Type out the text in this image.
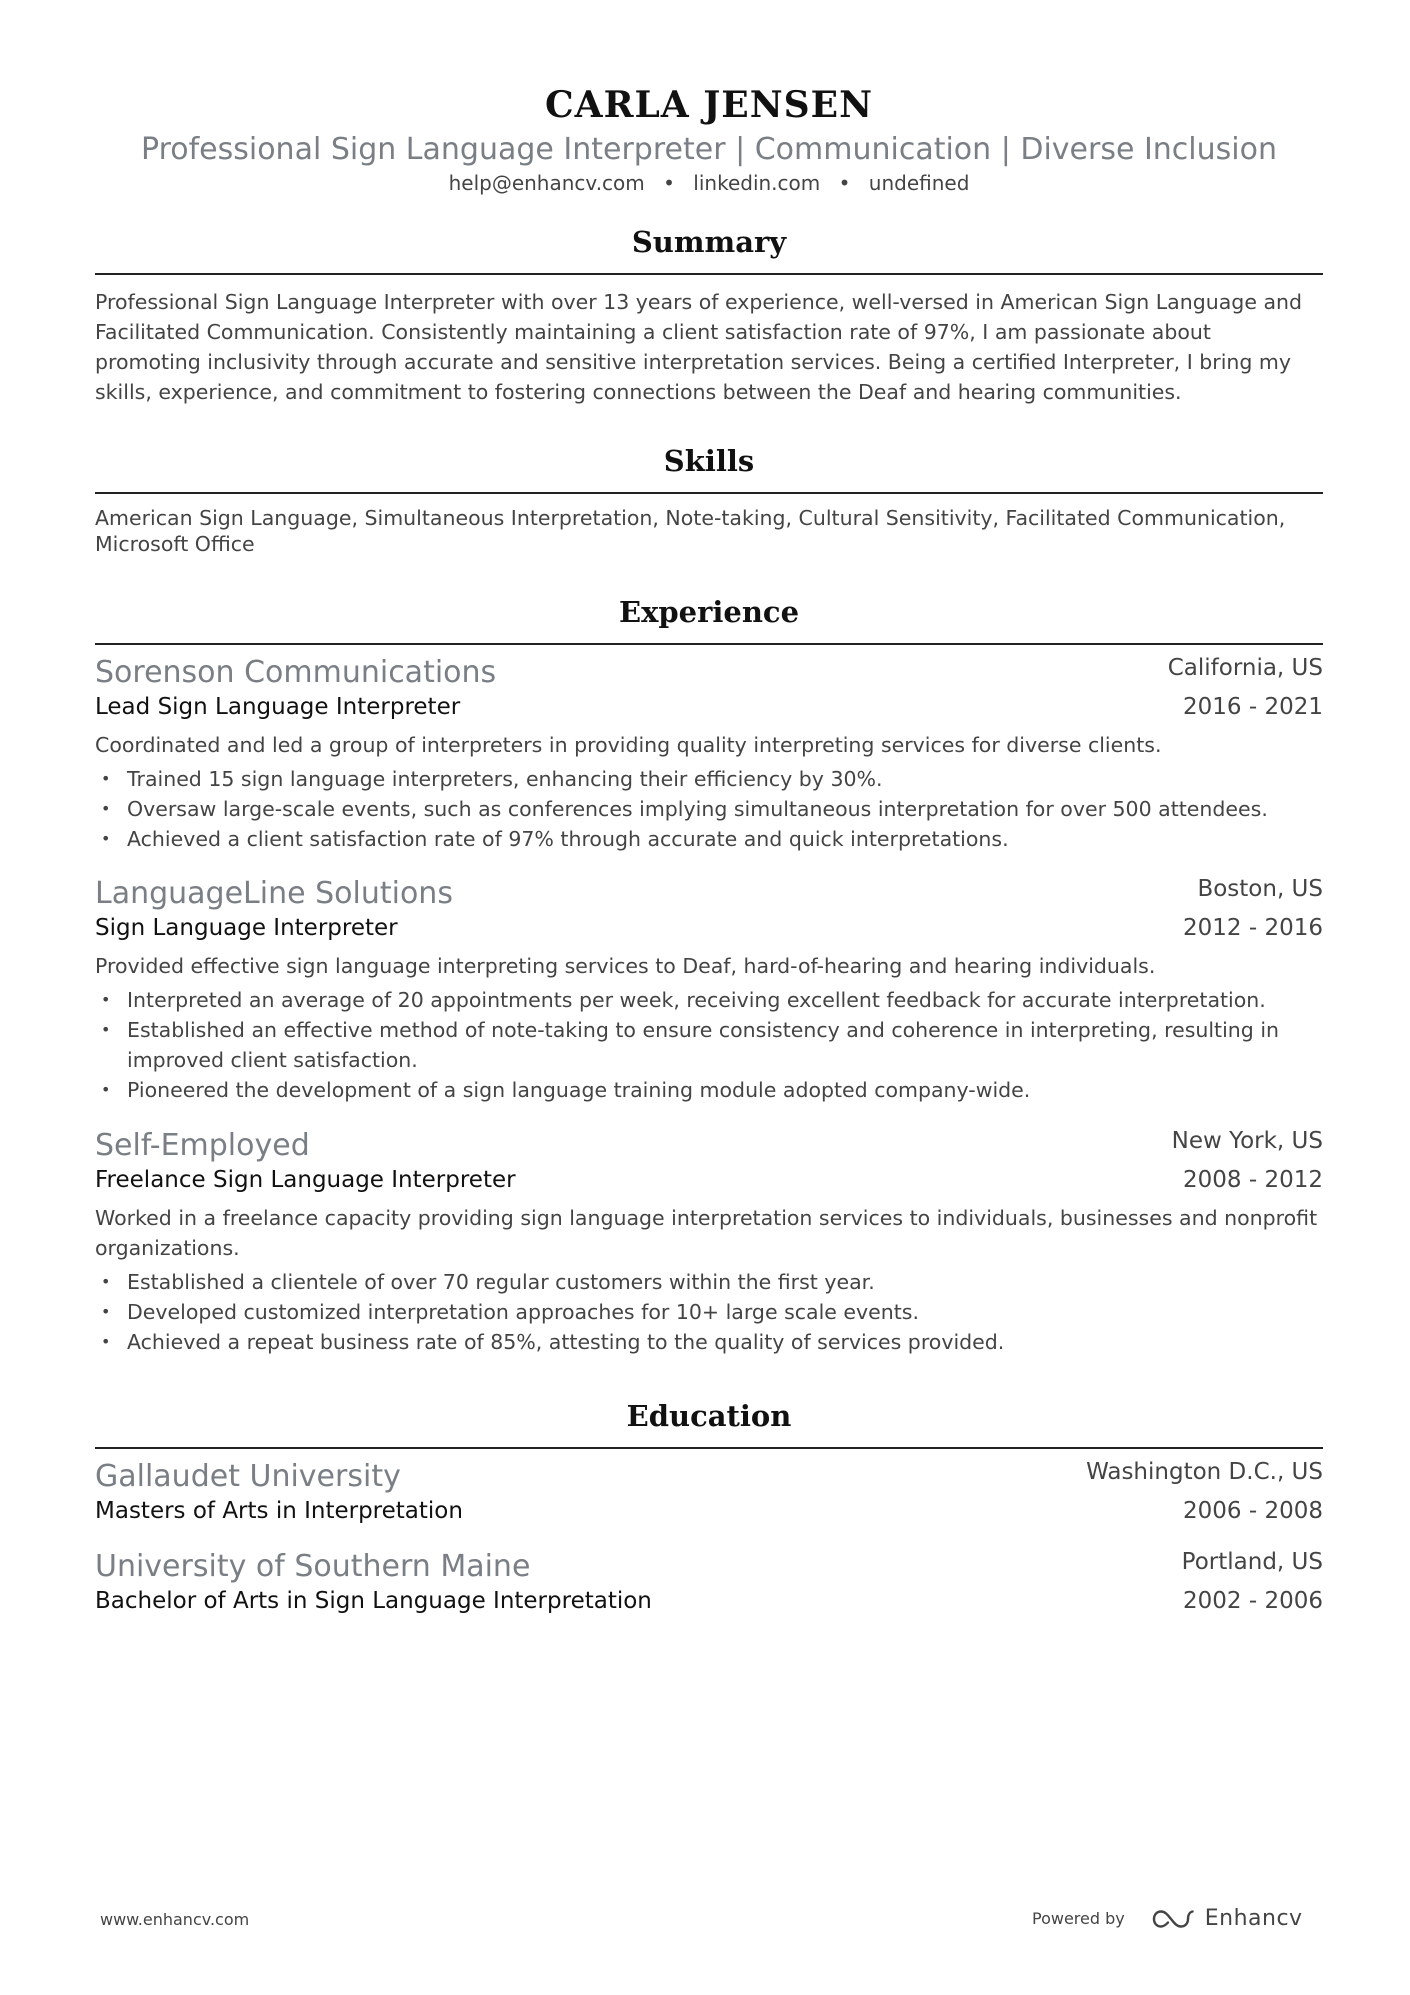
CARLA JENSEN
Professional Sign Language Interpreter | Communication | Diverse Inclusion
help@enhancv.com • linkedin.com • undefined
Summary
Professional Sign Language Interpreter with over 13 years of experience, well-versed in American Sign Language and Facilitated Communication. Consistently maintaining a client satisfaction rate of 97%, I am passionate about promoting inclusivity through accurate and sensitive interpretation services. Being a certified Interpreter, I bring my skills, experience, and commitment to fostering connections between the Deaf and hearing communities.
Skills
American Sign Language, Simultaneous Interpretation, Note-taking, Cultural Sensitivity, Facilitated Communication, Microsoft Office
Experience
Sorenson Communications	California, US
Lead Sign Language Interpreter	2016 - 2021
Coordinated and led a group of interpreters in providing quality interpreting services for diverse clients.
• Trained 15 sign language interpreters, enhancing their efficiency by 30%.
• Oversaw large-scale events, such as conferences implying simultaneous interpretation for over 500 attendees.
• Achieved a client satisfaction rate of 97% through accurate and quick interpretations.
LanguageLine Solutions	Boston, US
Sign Language Interpreter	2012 - 2016
Provided effective sign language interpreting services to Deaf, hard-of-hearing and hearing individuals.
• Interpreted an average of 20 appointments per week, receiving excellent feedback for accurate interpretation.
• Established an effective method of note-taking to ensure consistency and coherence in interpreting, resulting in improved client satisfaction.
• Pioneered the development of a sign language training module adopted company-wide.
Self-Employed	New York, US
Freelance Sign Language Interpreter	2008 - 2012
Worked in a freelance capacity providing sign language interpretation services to individuals, businesses and nonprofit organizations.
• Established a clientele of over 70 regular customers within the first year.
• Developed customized interpretation approaches for 10+ large scale events.
• Achieved a repeat business rate of 85%, attesting to the quality of services provided.
Education
Gallaudet University	Washington D.C., US
Masters of Arts in Interpretation	2006 - 2008
University of Southern Maine	Portland, US
Bachelor of Arts in Sign Language Interpretation	2002 - 2006
www.enhancv.com	Powered by	Enhancv
